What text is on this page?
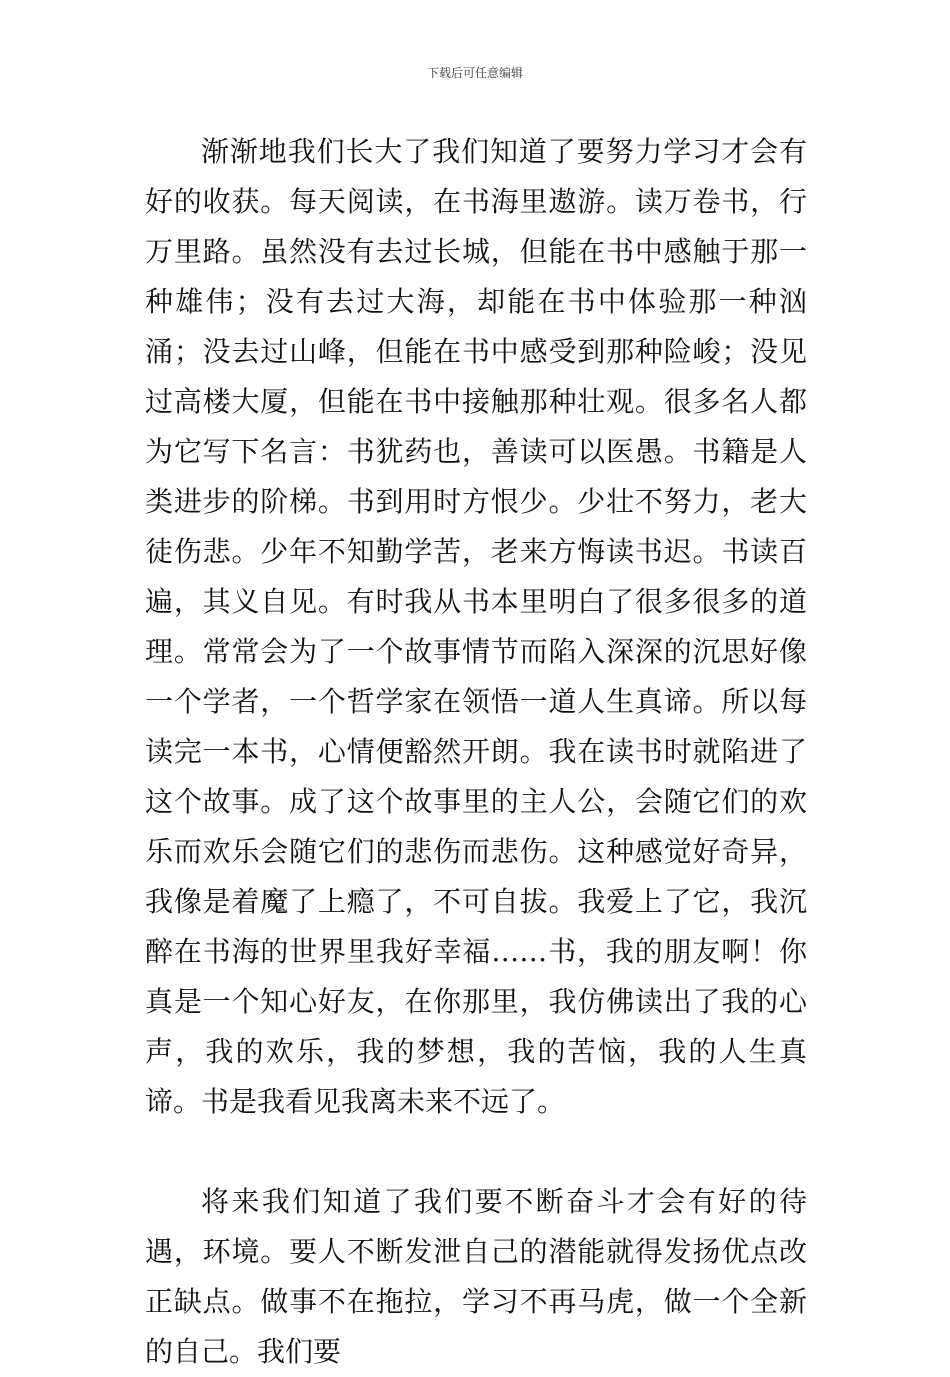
下载后可任意编辑

渐渐地我们长大了我们知道了要努力学习才会有好的收获。每天阅读，在书海里遨游。读万卷书，行万里路。虽然没有去过长城，但能在书中感触于那一种雄伟；没有去过大海，却能在书中体验那一种汹涌；没去过山峰，但能在书中感受到那种险峻；没见过高楼大厦，但能在书中接触那种壮观。很多名人都为它写下名言：书犹药也，善读可以医愚。书籍是人类进步的阶梯。书到用时方恨少。少壮不努力，老大徒伤悲。少年不知勤学苦，老来方悔读书迟。书读百遍，其义自见。有时我从书本里明白了很多很多的道理。常常会为了一个故事情节而陷入深深的沉思好像一个学者，一个哲学家在领悟一道人生真谛。所以每读完一本书，心情便豁然开朗。我在读书时就陷进了这个故事。成了这个故事里的主人公，会随它们的欢乐而欢乐会随它们的悲伤而悲伤。这种感觉好奇异，我像是着魔了上瘾了，不可自拔。我爱上了它，我沉醉在书海的世界里我好幸福……书，我的朋友啊！你真是一个知心好友，在你那里，我仿佛读出了我的心声，我的欢乐，我的梦想，我的苦恼，我的人生真谛。书是我看见我离未来不远了。

将来我们知道了我们要不断奋斗才会有好的待遇，环境。要人不断发泄自己的潜能就得发扬优点改正缺点。做事不在拖拉，学习不再马虎，做一个全新的自己。我们要
